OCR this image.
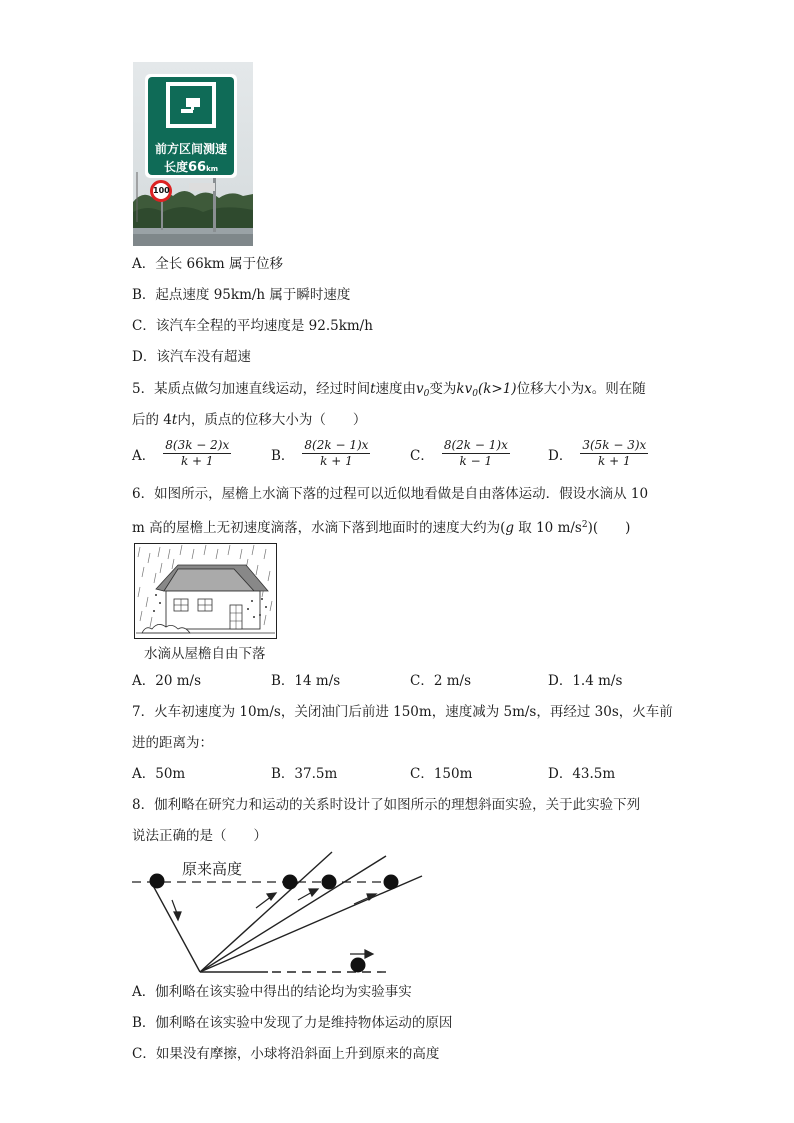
前方区间测速
长度66km
100
A．全长 66km 属于位移
B．起点速度 95km/h 属于瞬时速度
C．该汽车全程的平均速度是 92.5km/h
D．该汽车没有超速
5．某质点做匀加速直线运动，经过时间t速度由$v_0$变为$kv_0(k>1)$位移大小为x。则在随
后的 4t内，质点的位移大小为（　　）
A． $\frac{8(3k - 2)x}{k + 1}$	B． $\frac{8(2k - 1)x}{k + 1}$	C． $\frac{8(2k - 1)x}{k - 1}$	D． $\frac{3(5k - 3)x}{k + 1}$
6．如图所示，屋檐上水滴下落的过程可以近似地看做是自由落体运动．假设水滴从 10
m 高的屋檐上无初速度滴落，水滴下落到地面时的速度大约为(g 取 10 $m/s^2$)(　　)
水滴从屋檐自由下落
A．20 m/s	B．14 m/s	C．2 m/s	D．1.4 m/s
7．火车初速度为 10m/s，关闭油门后前进 150m，速度减为 5m/s，再经过 30s，火车前
进的距离为：
A．50m	B．37.5m	C．150m	D．43.5m
8．伽利略在研究力和运动的关系时设计了如图所示的理想斜面实验，关于此实验下列
说法正确的是（　　）
原来高度
A．伽利略在该实验中得出的结论均为实验事实
B．伽利略在该实验中发现了力是维持物体运动的原因
C．如果没有摩擦，小球将沿斜面上升到原来的高度
